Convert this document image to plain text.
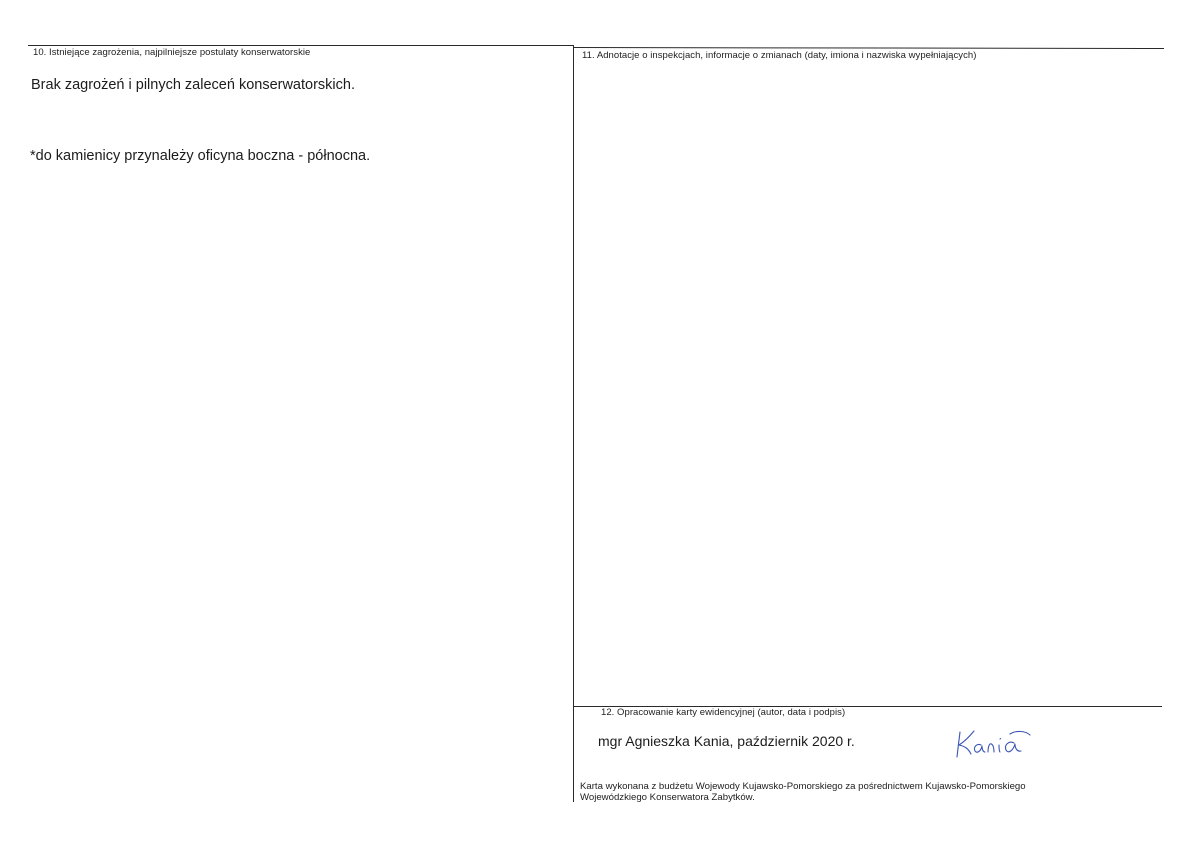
10. Istniejące zagrożenia, najpilniejsze postulaty konserwatorskie
Brak zagrożeń i pilnych zaleceń konserwatorskich.
*do kamienicy przynależy oficyna boczna - północna.
11. Adnotacje o inspekcjach, informacje o zmianach (daty, imiona i nazwiska wypełniających)
12. Opracowanie karty ewidencyjnej (autor, data i podpis)
mgr Agnieszka Kania, październik 2020 r.
Karta wykonana z budżetu Wojewody Kujawsko-Pomorskiego za pośrednictwem Kujawsko-Pomorskiego
Wojewódzkiego Konserwatora Zabytków.
